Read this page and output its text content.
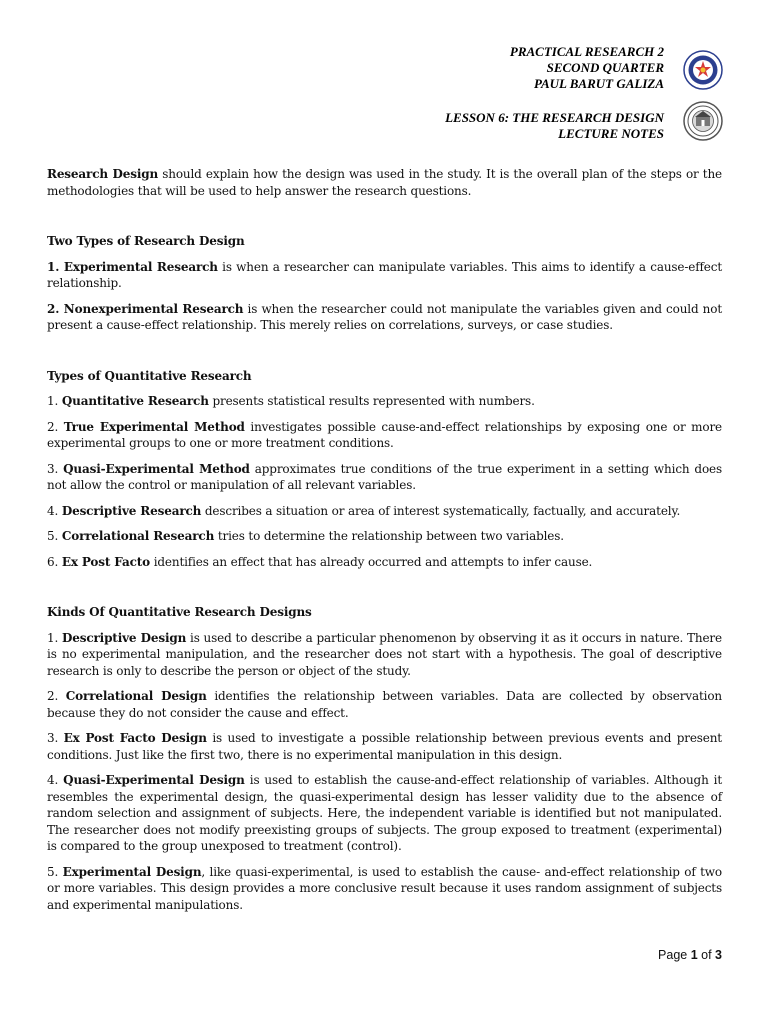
PRACTICAL RESEARCH 2
SECOND QUARTER
PAUL BARUT GALIZA
LESSON 6: THE RESEARCH DESIGN
LECTURE NOTES

Research Design should explain how the design was used in the study. It is the overall plan of the steps or the methodologies that will be used to help answer the research questions.

Two Types of Research Design

1. Experimental Research is when a researcher can manipulate variables. This aims to identify a cause-effect relationship.

2. Nonexperimental Research is when the researcher could not manipulate the variables given and could not present a cause-effect relationship. This merely relies on correlations, surveys, or case studies.

Types of Quantitative Research

1. Quantitative Research presents statistical results represented with numbers.

2. True Experimental Method investigates possible cause-and-effect relationships by exposing one or more experimental groups to one or more treatment conditions.

3. Quasi-Experimental Method approximates true conditions of the true experiment in a setting which does not allow the control or manipulation of all relevant variables.

4. Descriptive Research describes a situation or area of interest systematically, factually, and accurately.

5. Correlational Research tries to determine the relationship between two variables.

6. Ex Post Facto identifies an effect that has already occurred and attempts to infer cause.

Kinds Of Quantitative Research Designs

1. Descriptive Design is used to describe a particular phenomenon by observing it as it occurs in nature. There is no experimental manipulation, and the researcher does not start with a hypothesis. The goal of descriptive research is only to describe the person or object of the study.

2. Correlational Design identifies the relationship between variables. Data are collected by observation because they do not consider the cause and effect.

3. Ex Post Facto Design is used to investigate a possible relationship between previous events and present conditions. Just like the first two, there is no experimental manipulation in this design.

4. Quasi-Experimental Design is used to establish the cause-and-effect relationship of variables. Although it resembles the experimental design, the quasi-experimental design has lesser validity due to the absence of random selection and assignment of subjects. Here, the independent variable is identified but not manipulated. The researcher does not modify preexisting groups of subjects. The group exposed to treatment (experimental) is compared to the group unexposed to treatment (control).

5. Experimental Design, like quasi-experimental, is used to establish the cause- and-effect relationship of two or more variables. This design provides a more conclusive result because it uses random assignment of subjects and experimental manipulations.

Page 1 of 3
